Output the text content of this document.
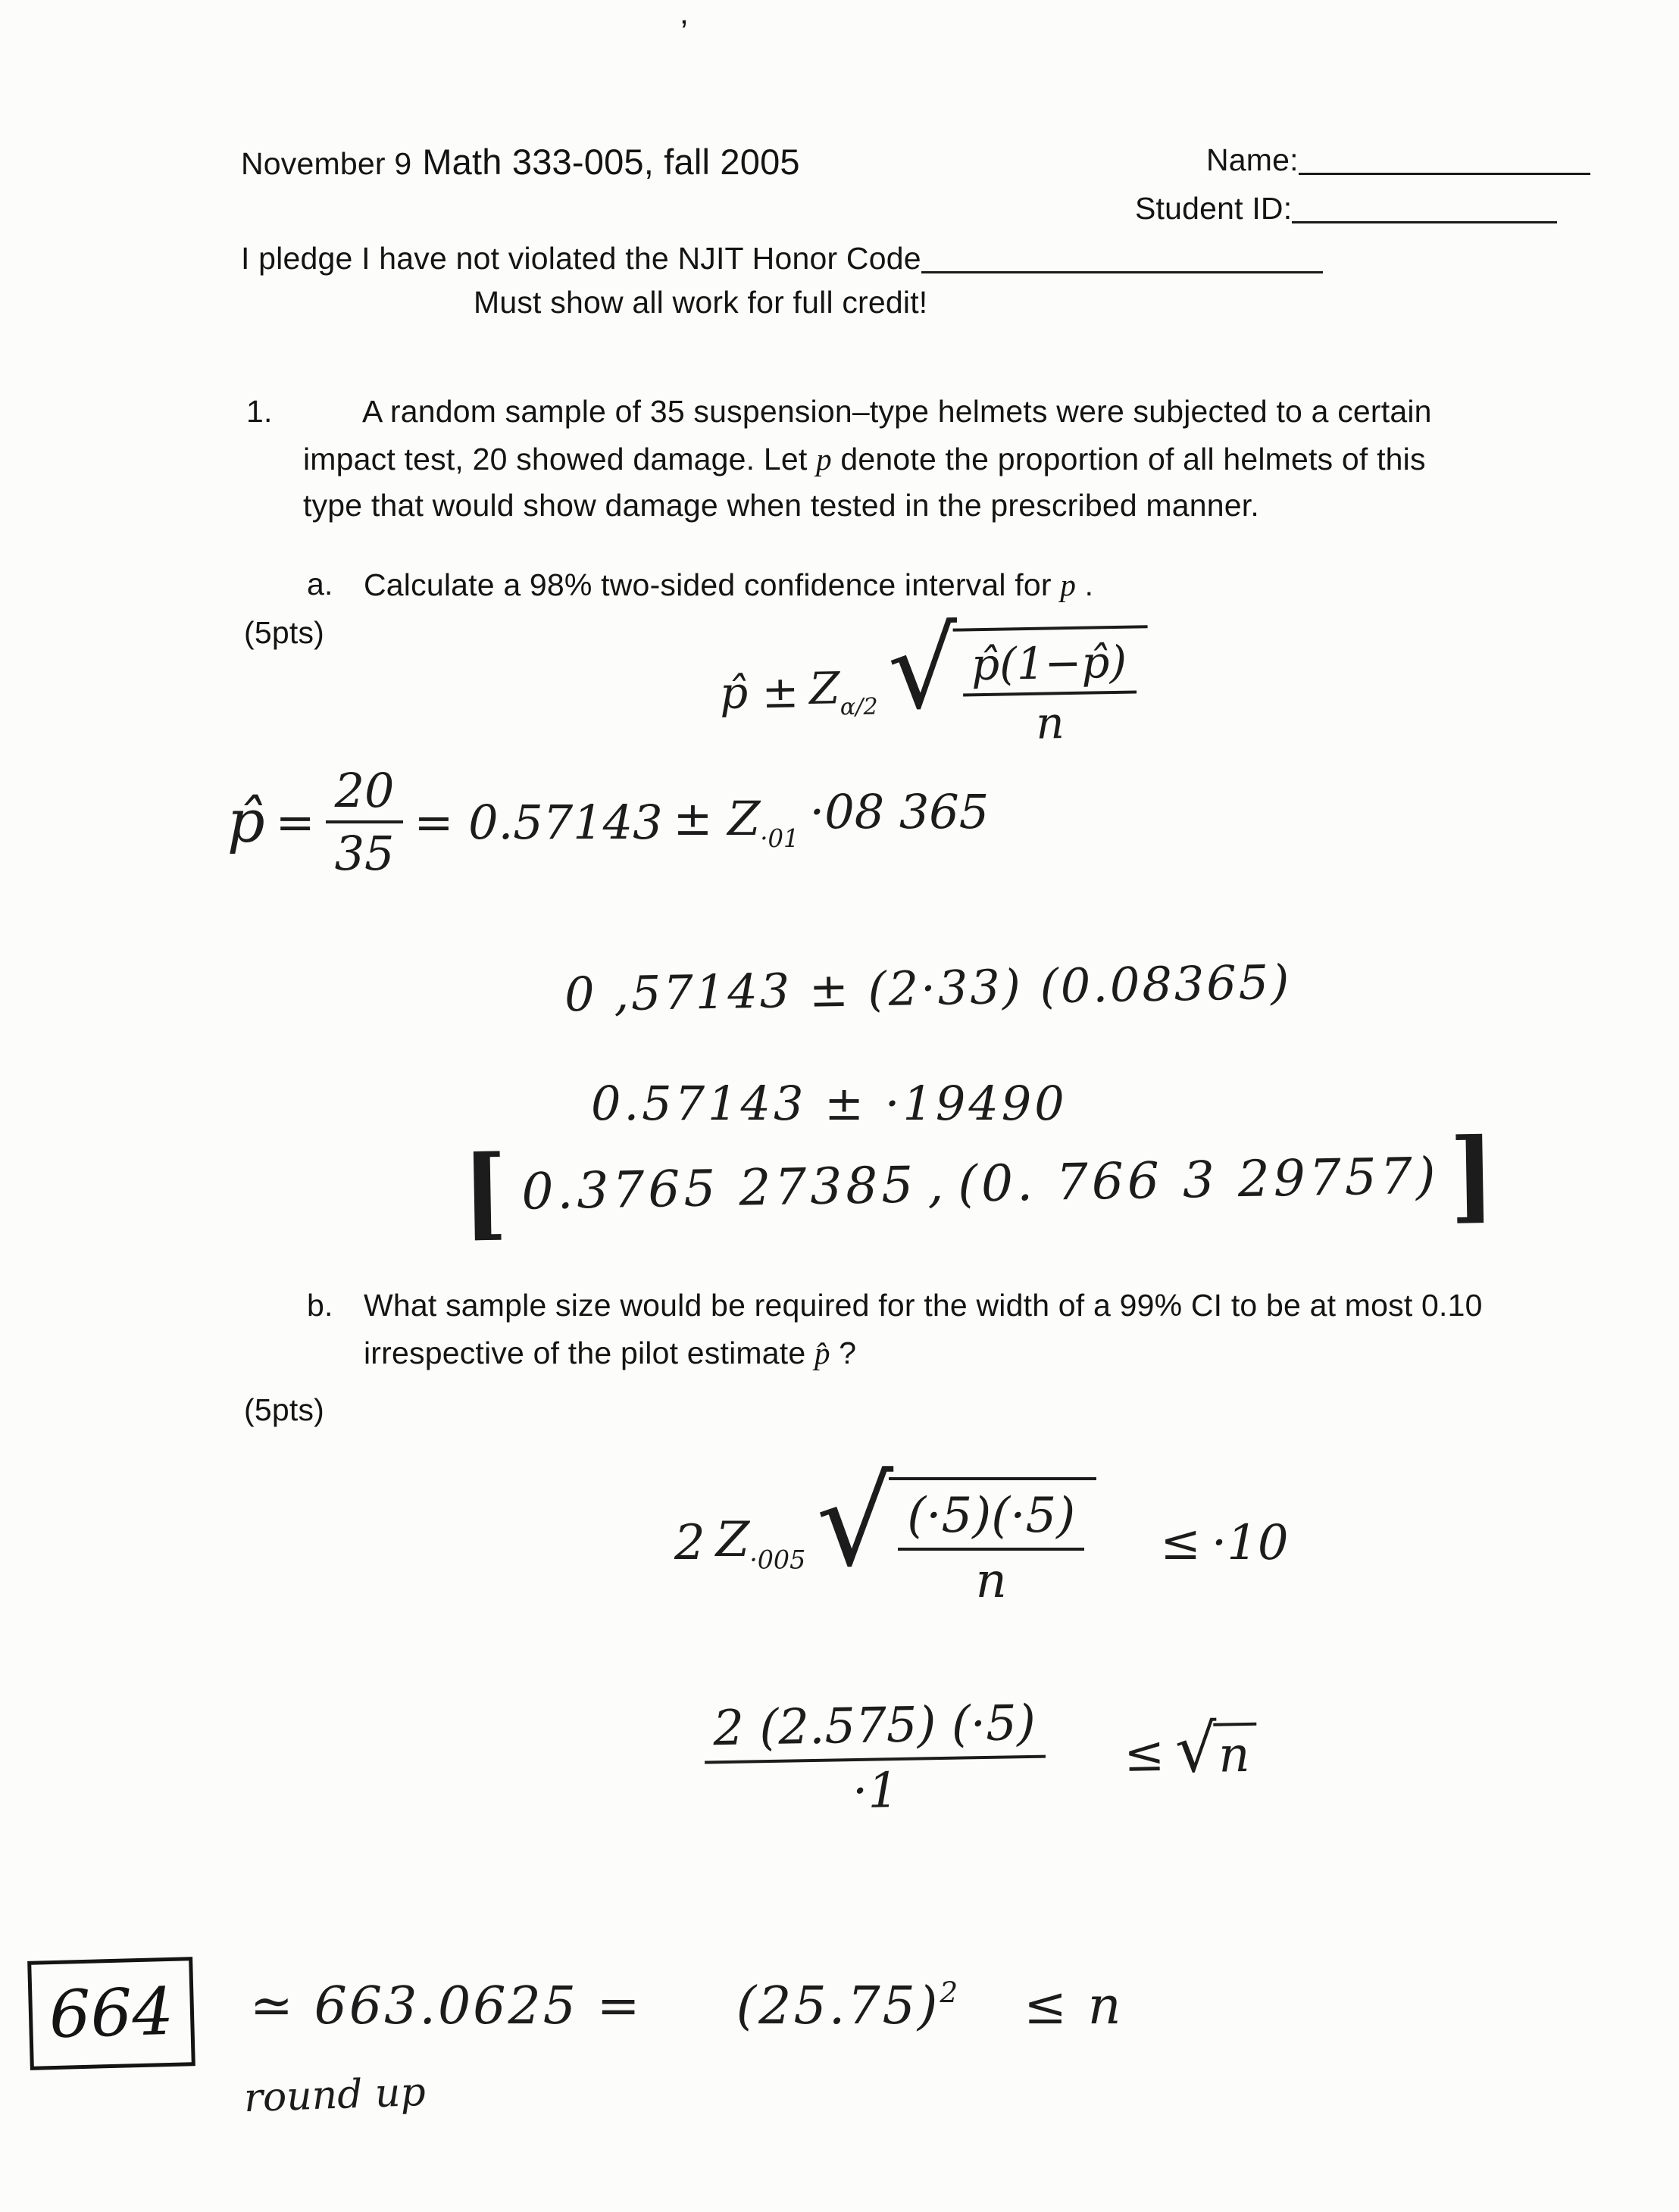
’
November 9 Math 333-005, fall 2005	Name:
Student ID:
I pledge I have not violated the NJIT Honor Code
Must show all work for full credit!
1.	A random sample of 35 suspension–type helmets were subjected to a certain
impact test, 20 showed damage. Let p denote the proportion of all helmets of this
type that would show damage when tested in the prescribed manner.
a. Calculate a 98% two-sided confidence interval for p .
(5pts)
p̂ ± $Z_{\alpha/2}$ √ $\frac{p̂(1-p̂)}{n}$
p̂ = $\frac{20}{35} = 0.57143 \pm Z_{\cdot 01} \cdot 08$ 365
0 ,57143 ± (2·33) (0.08365)
0.57143 ± ·19490
[ 0.3765 27385 , (0. 766 3 29757) ]
b. What sample size would be required for the width of a 99% CI to be at most 0.10
irrespective of the pilot estimate p̂ ?
(5pts)
2 $Z_{\cdot 005}$ √ $\frac{(\cdot 5)(\cdot 5)}{n} \le \cdot 10$
$\frac{2 (2.575) (\cdot 5)}{\cdot 1}$ ≤ √ n
≃ $663.0625 = (25.75)^2 \le n$
664
round up
